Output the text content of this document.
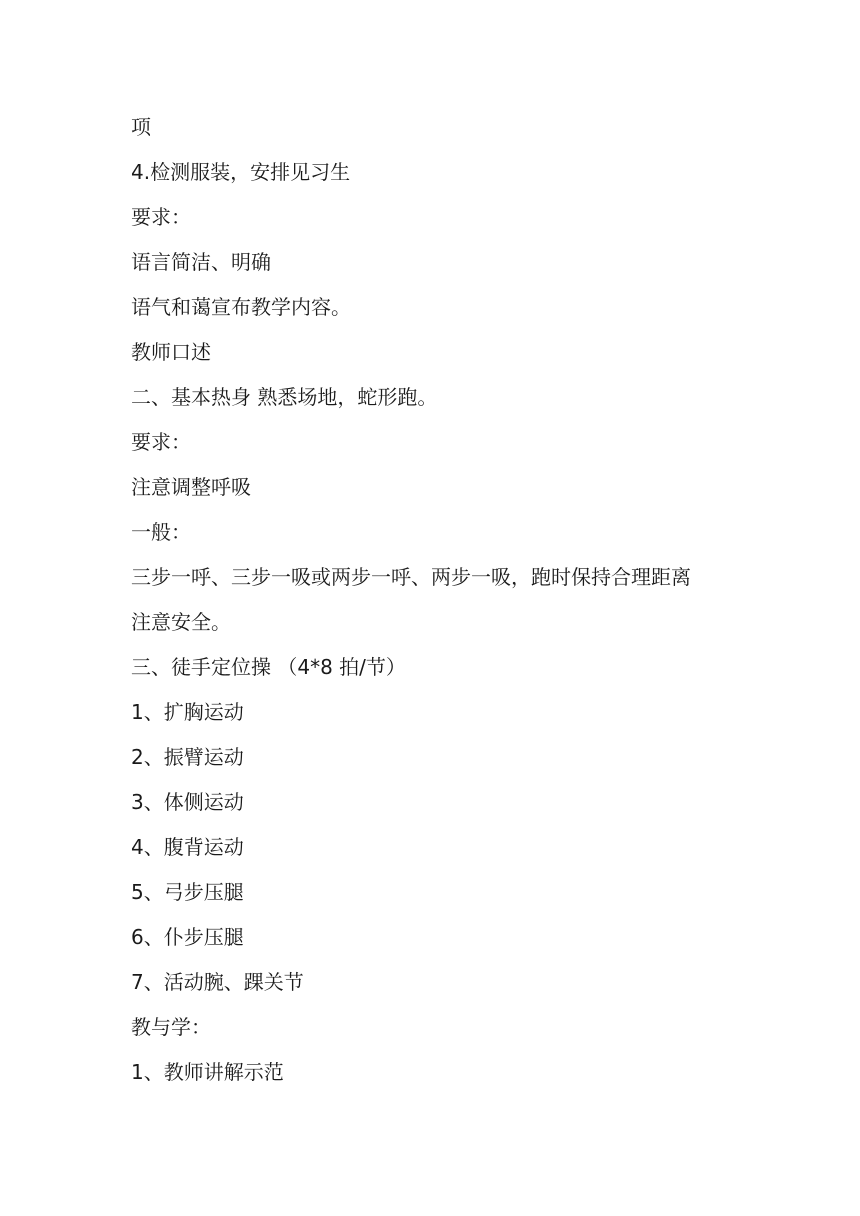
项
4.检测服装，安排见习生
要求：
语言简洁、明确
语气和蔼宣布教学内容。
教师口述
二、基本热身 熟悉场地，蛇形跑。
要求：
注意调整呼吸
一般：
三步一呼、三步一吸或两步一呼、两步一吸，跑时保持合理距离
注意安全。
三、徒手定位操 （4*8 拍/节）
1、扩胸运动
2、振臂运动
3、体侧运动
4、腹背运动
5、弓步压腿
6、仆步压腿
7、活动腕、踝关节
教与学：
1、教师讲解示范
